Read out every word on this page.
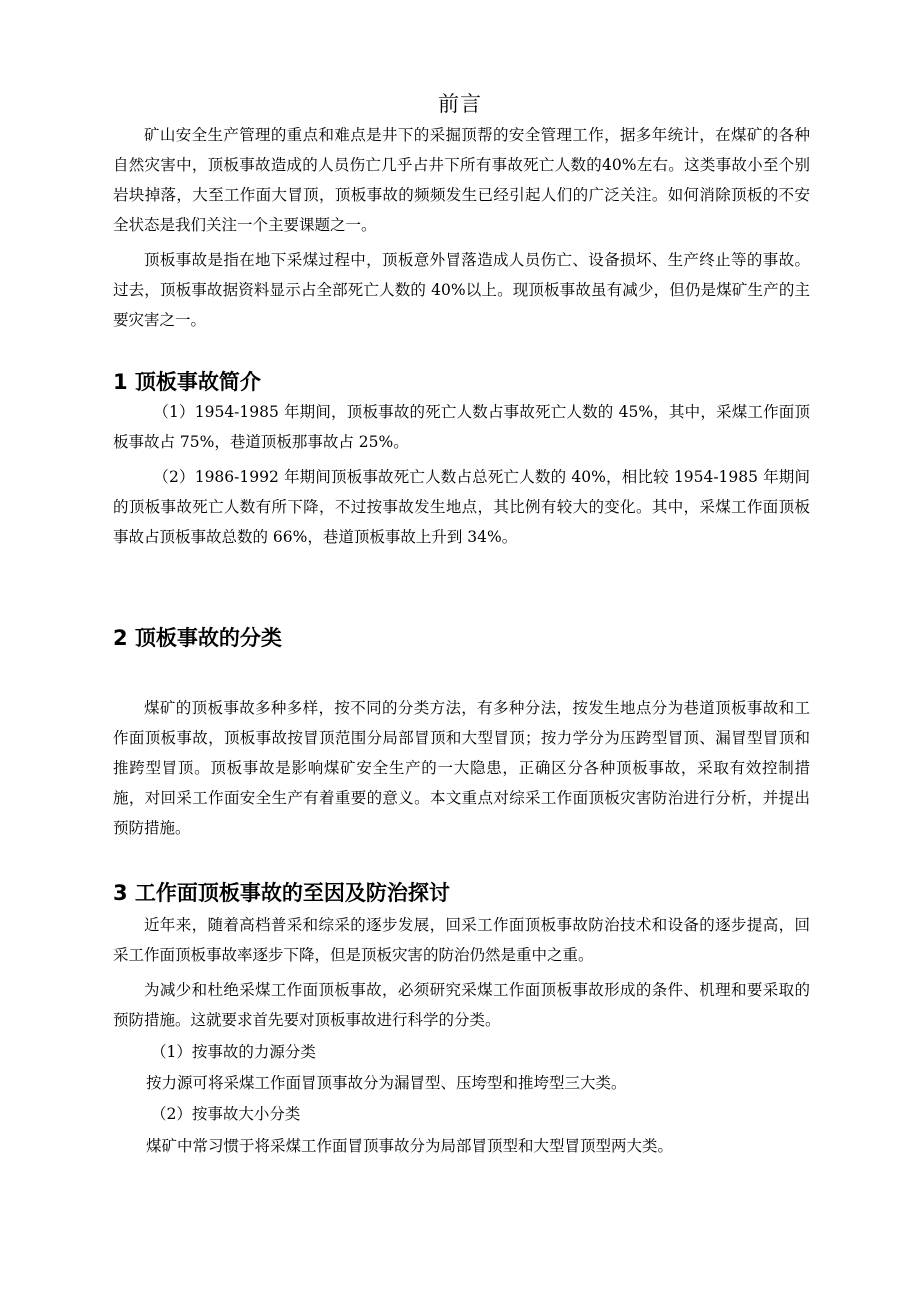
前言

矿山安全生产管理的重点和难点是井下的采掘顶帮的安全管理工作，据多年统计，在煤矿的各种自然灾害中，顶板事故造成的人员伤亡几乎占井下所有事故死亡人数的40%左右。这类事故小至个别岩块掉落，大至工作面大冒顶，顶板事故的频频发生已经引起人们的广泛关注。如何消除顶板的不安全状态是我们关注一个主要课题之一。

顶板事故是指在地下采煤过程中，顶板意外冒落造成人员伤亡、设备损坏、生产终止等的事故。过去，顶板事故据资料显示占全部死亡人数的 40%以上。现顶板事故虽有减少，但仍是煤矿生产的主要灾害之一。

1 顶板事故简介

（1）1954-1985 年期间，顶板事故的死亡人数占事故死亡人数的 45%，其中，采煤工作面顶板事故占 75%，巷道顶板那事故占 25%。

（2）1986-1992 年期间顶板事故死亡人数占总死亡人数的 40%，相比较 1954-1985 年期间的顶板事故死亡人数有所下降，不过按事故发生地点，其比例有较大的变化。其中，采煤工作面顶板事故占顶板事故总数的 66%，巷道顶板事故上升到 34%。

2 顶板事故的分类

煤矿的顶板事故多种多样，按不同的分类方法，有多种分法，按发生地点分为巷道顶板事故和工作面顶板事故，顶板事故按冒顶范围分局部冒顶和大型冒顶；按力学分为压跨型冒顶、漏冒型冒顶和推跨型冒顶。顶板事故是影响煤矿安全生产的一大隐患，正确区分各种顶板事故，采取有效控制措施，对回采工作面安全生产有着重要的意义。本文重点对综采工作面顶板灾害防治进行分析，并提出预防措施。

3 工作面顶板事故的至因及防治探讨

近年来，随着高档普采和综采的逐步发展，回采工作面顶板事故防治技术和设备的逐步提高，回采工作面顶板事故率逐步下降，但是顶板灾害的防治仍然是重中之重。

为减少和杜绝采煤工作面顶板事故，必须研究采煤工作面顶板事故形成的条件、机理和要采取的预防措施。这就要求首先要对顶板事故进行科学的分类。

（1）按事故的力源分类
按力源可将采煤工作面冒顶事故分为漏冒型、压垮型和推垮型三大类。
（2）按事故大小分类
煤矿中常习惯于将采煤工作面冒顶事故分为局部冒顶型和大型冒顶型两大类。
